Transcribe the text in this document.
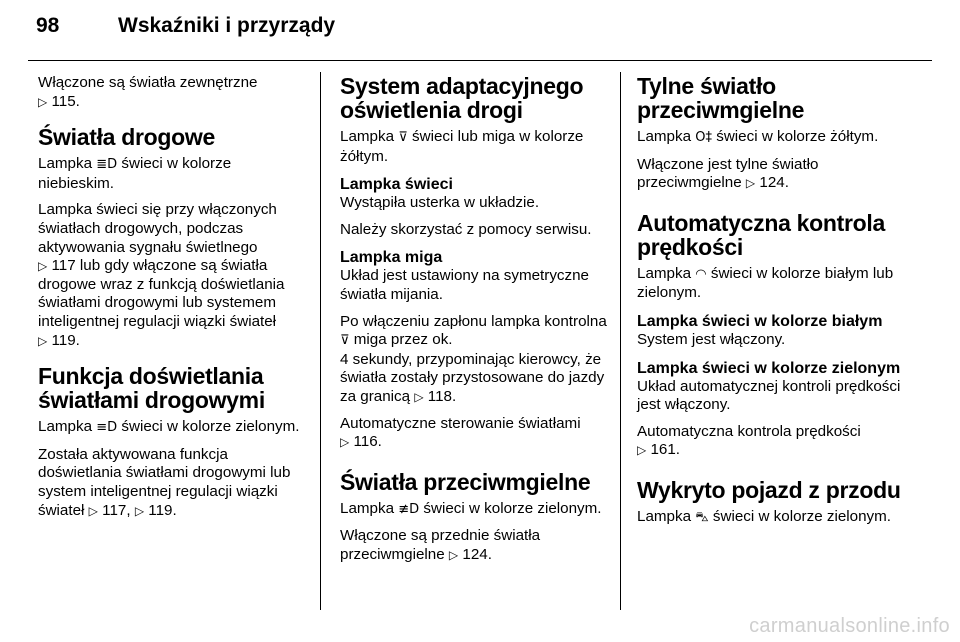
98	Wskaźniki i przyrządy

Włączone są światła zewnętrzne
▷ 115.

Światła drogowe

Lampka ≣D świeci w kolorze
niebieskim.

Lampka świeci się przy włączonych światłach drogowych, podczas aktywowania sygnału świetlnego
▷ 117 lub gdy włączone są światła drogowe wraz z funkcją doświetlania światłami drogowymi lub systemem inteligentnej regulacji wiązki świateł
▷ 119.

Funkcja doświetlania światłami drogowymi

Lampka ≡D świeci w kolorze zielonym.

Została aktywowana funkcja doświetlania światłami drogowymi lub system inteligentnej regulacji wiązki świateł ▷ 117, ▷ 119.

System adaptacyjnego oświetlenia drogi

Lampka ⊽ świeci lub miga w kolorze żółtym.

Lampka świeci

Wystąpiła usterka w układzie.

Należy skorzystać z pomocy serwisu.

Lampka miga

Układ jest ustawiony na symetryczne światła mijania.

Po włączeniu zapłonu lampka kontrolna ⊽ miga przez ok.
4 sekundy, przypominając kierowcy, że światła zostały przystosowane do jazdy za granicą ▷ 118.

Automatyczne sterowanie światłami
▷ 116.

Światła przeciwmgielne

Lampka ≢D świeci w kolorze zielonym.

Włączone są przednie światła przeciwmgielne ▷ 124.

Tylne światło przeciwmgielne

Lampka O‡ świeci w kolorze żółtym.

Włączone jest tylne światło przeciwmgielne ▷ 124.

Automatyczna kontrola prędkości

Lampka ◠ świeci w kolorze białym lub zielonym.

Lampka świeci w kolorze białym

System jest włączony.

Lampka świeci w kolorze zielonym

Układ automatycznej kontroli prędkości jest włączony.

Automatyczna kontrola prędkości
▷ 161.

Wykryto pojazd z przodu

Lampka ⛍ świeci w kolorze zielonym.

carmanualsonline.info
